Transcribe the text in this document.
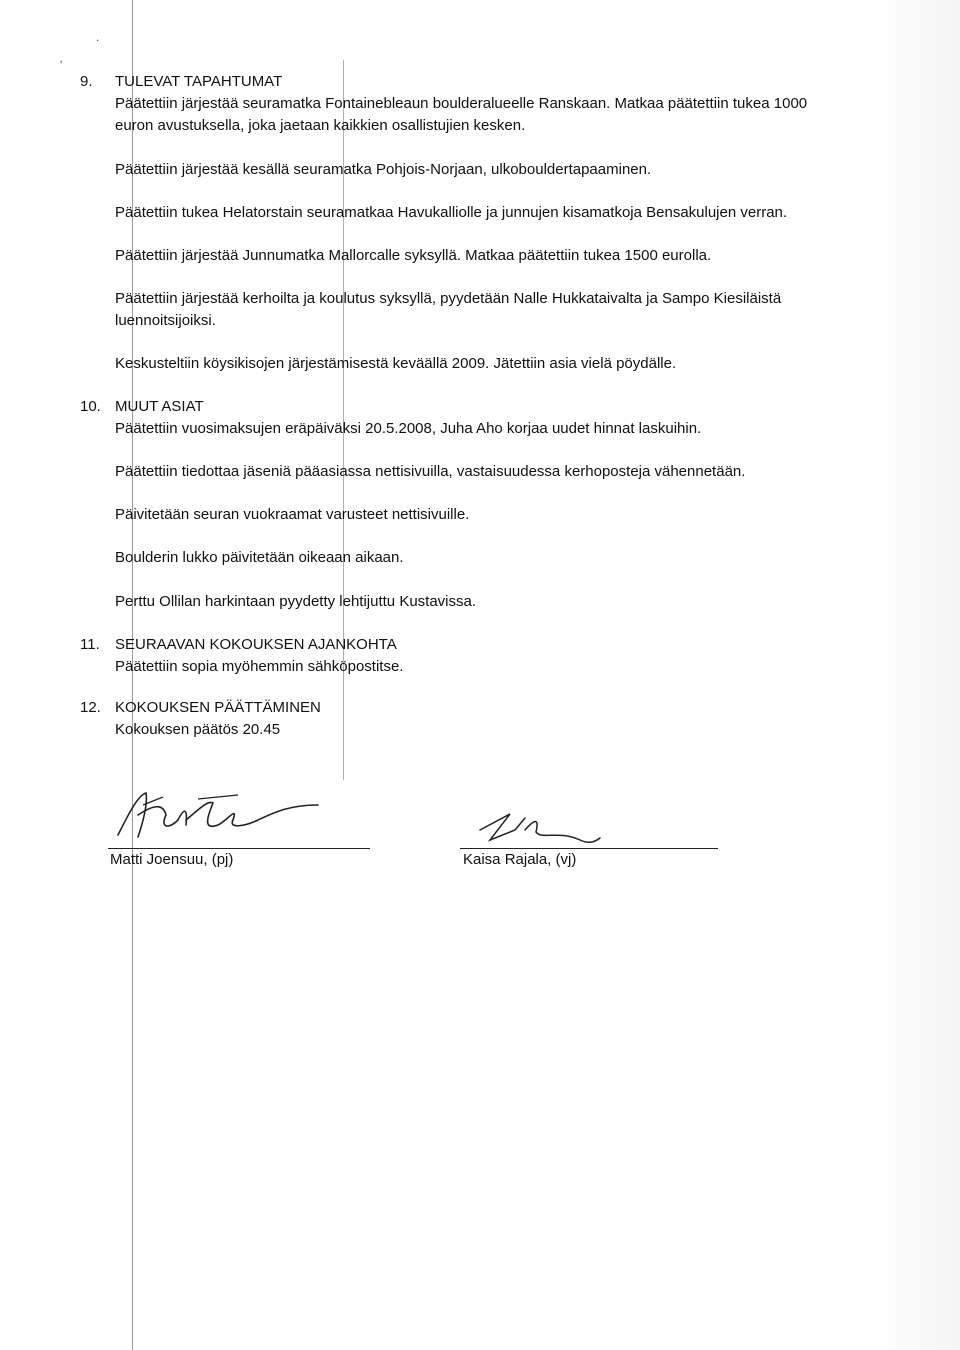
'
.
9. TULEVAT TAPAHTUMAT
Päätettiin järjestää seuramatka Fontainebleaun boulderalueelle Ranskaan. Matkaa päätettiin tukea 1000
euron avustuksella, joka jaetaan kaikkien osallistujien kesken.
Päätettiin järjestää kesällä seuramatka Pohjois-Norjaan, ulkobouldertapaaminen.
Päätettiin tukea Helatorstain seuramatkaa Havukalliolle ja junnujen kisamatkoja Bensakulujen verran.
Päätettiin järjestää Junnumatka Mallorcalle syksyllä. Matkaa päätettiin tukea 1500 eurolla.
Päätettiin järjestää kerhoilta ja koulutus syksyllä, pyydetään Nalle Hukkataivalta ja Sampo Kiesiläistä
luennoitsijoiksi.
Keskusteltiin köysikisojen järjestämisestä keväällä 2009. Jätettiin asia vielä pöydälle.
10. MUUT ASIAT
Päätettiin vuosimaksujen eräpäiväksi 20.5.2008, Juha Aho korjaa uudet hinnat laskuihin.
Päätettiin tiedottaa jäseniä pääasiassa nettisivuilla, vastaisuudessa kerhoposteja vähennetään.
Päivitetään seuran vuokraamat varusteet nettisivuille.
Boulderin lukko päivitetään oikeaan aikaan.
Perttu Ollilan harkintaan pyydetty lehtijuttu Kustavissa.
11. SEURAAVAN KOKOUKSEN AJANKOHTA
Päätettiin sopia myöhemmin sähköpostitse.
12. KOKOUKSEN PÄÄTTÄMINEN
Kokouksen päätös 20.45
Matti Joensuu, (pj)	Kaisa Rajala, (vj)
